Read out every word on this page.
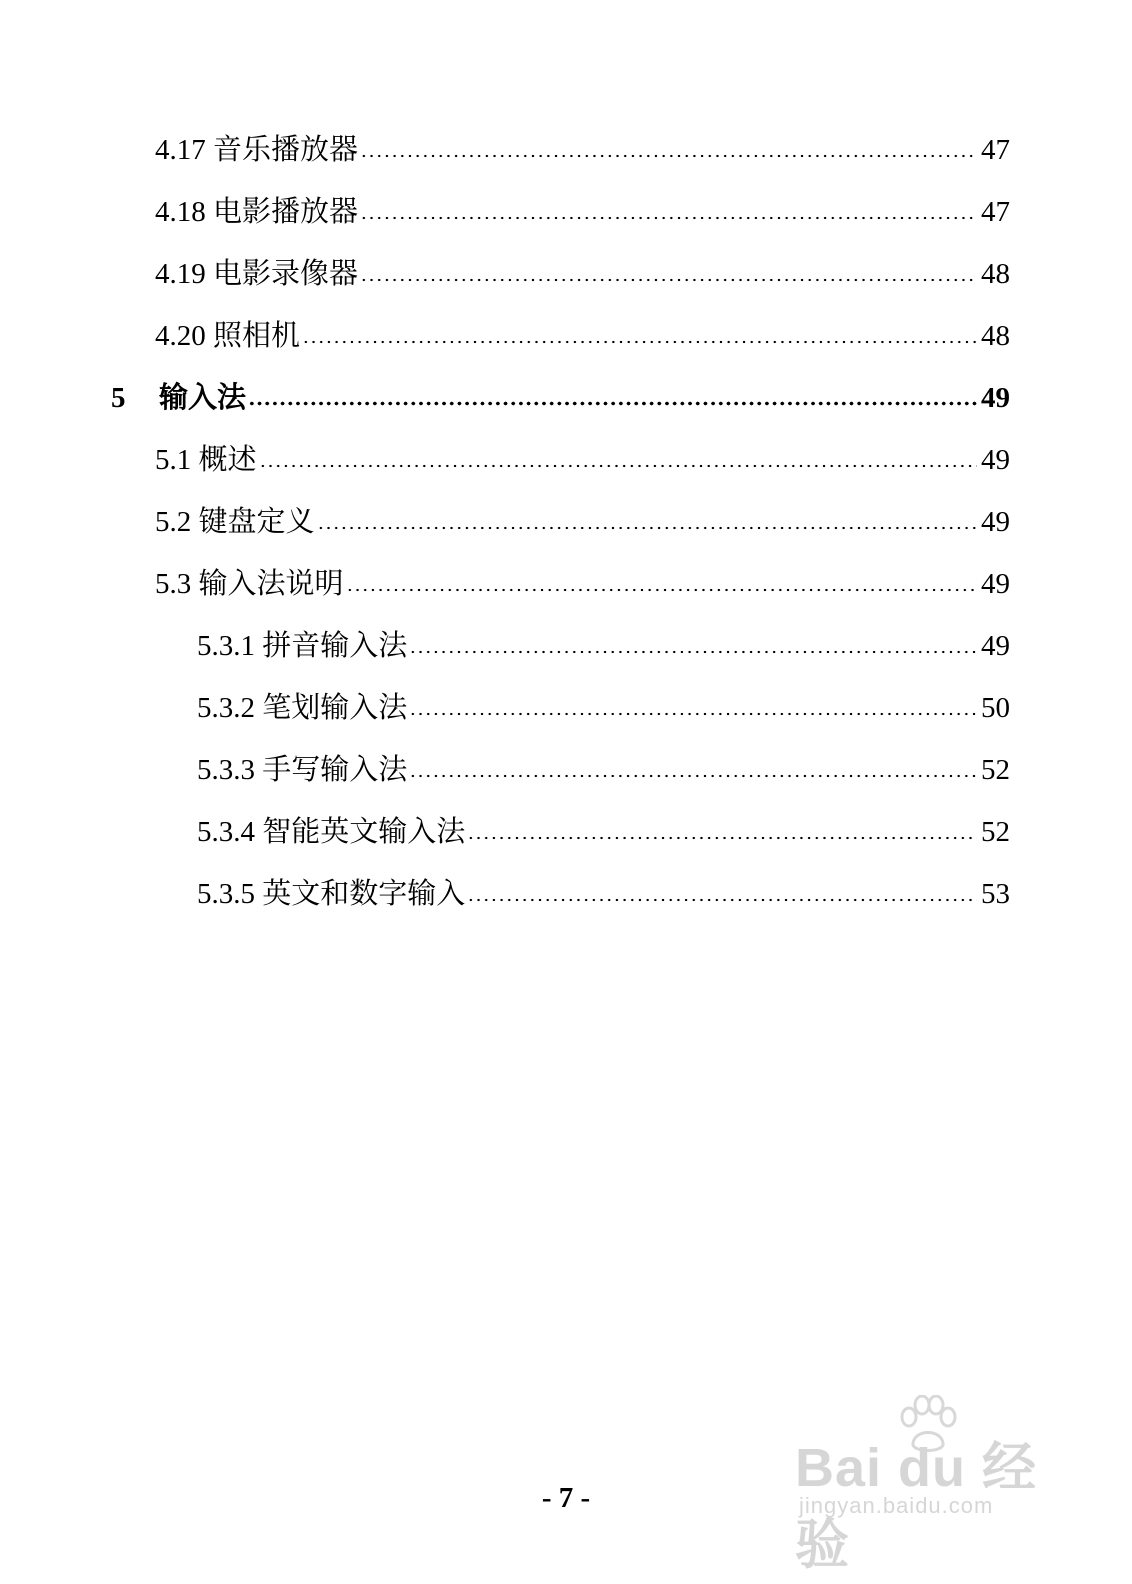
4.17 音乐播放器	47
4.18 电影播放器	47
4.19 电影录像器	48
4.20 照相机	48
5 输入法	49
5.1 概述	49
5.2 键盘定义	49
5.3 输入法说明	49
5.3.1 拼音输入法	49
5.3.2 笔划输入法	50
5.3.3 手写输入法	52
5.3.4 智能英文输入法	52
5.3.5 英文和数字输入	53
- 7 -	Bai du 经验
jingyan.baidu.com
